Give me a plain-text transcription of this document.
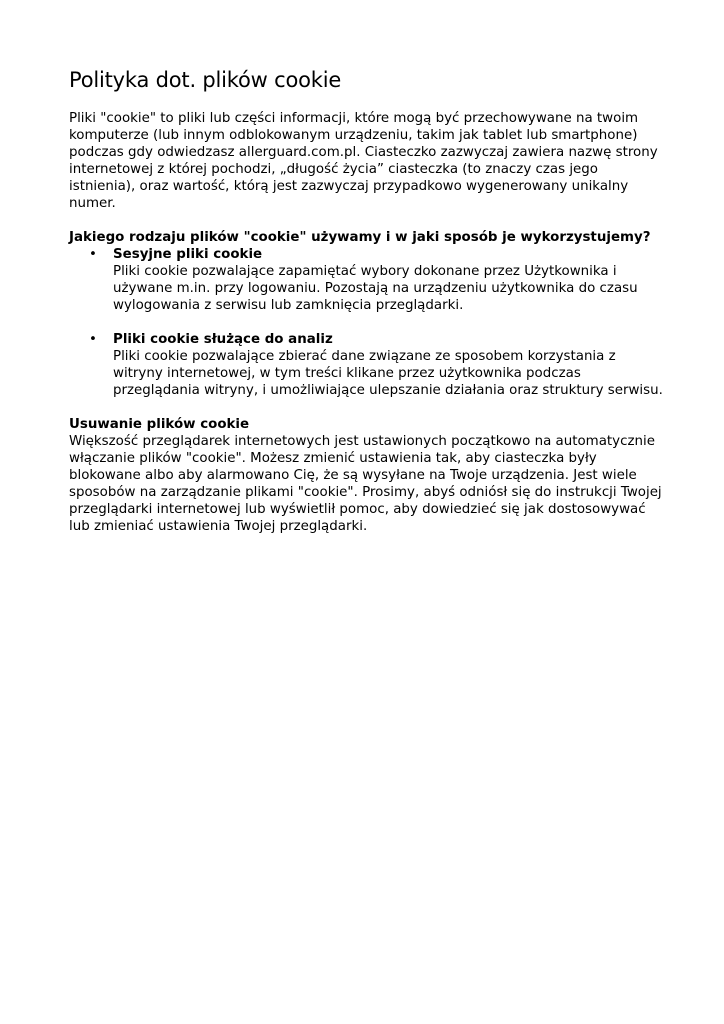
Polityka dot. plików cookie

Pliki "cookie" to pliki lub części informacji, które mogą być przechowywane na twoim
komputerze (lub innym odblokowanym urządzeniu, takim jak tablet lub smartphone)
podczas gdy odwiedzasz allerguard.com.pl. Ciasteczko zazwyczaj zawiera nazwę strony
internetowej z której pochodzi, „długość życia” ciasteczka (to znaczy czas jego
istnienia), oraz wartość, którą jest zazwyczaj przypadkowo wygenerowany unikalny
numer.

Jakiego rodzaju plików "cookie" używamy i w jaki sposób je wykorzystujemy?

• Sesyjne pliki cookie
Pliki cookie pozwalające zapamiętać wybory dokonane przez Użytkownika i
używane m.in. przy logowaniu. Pozostają na urządzeniu użytkownika do czasu
wylogowania z serwisu lub zamknięcia przeglądarki.
• Pliki cookie służące do analiz
Pliki cookie pozwalające zbierać dane związane ze sposobem korzystania z
witryny internetowej, w tym treści klikane przez użytkownika podczas
przeglądania witryny, i umożliwiające ulepszanie działania oraz struktury serwisu.

Usuwanie plików cookie

Większość przeglądarek internetowych jest ustawionych początkowo na automatycznie
włączanie plików "cookie". Możesz zmienić ustawienia tak, aby ciasteczka były
blokowane albo aby alarmowano Cię, że są wysyłane na Twoje urządzenia. Jest wiele
sposobów na zarządzanie plikami "cookie". Prosimy, abyś odniósł się do instrukcji Twojej
przeglądarki internetowej lub wyświetlił pomoc, aby dowiedzieć się jak dostosowywać
lub zmieniać ustawienia Twojej przeglądarki.
